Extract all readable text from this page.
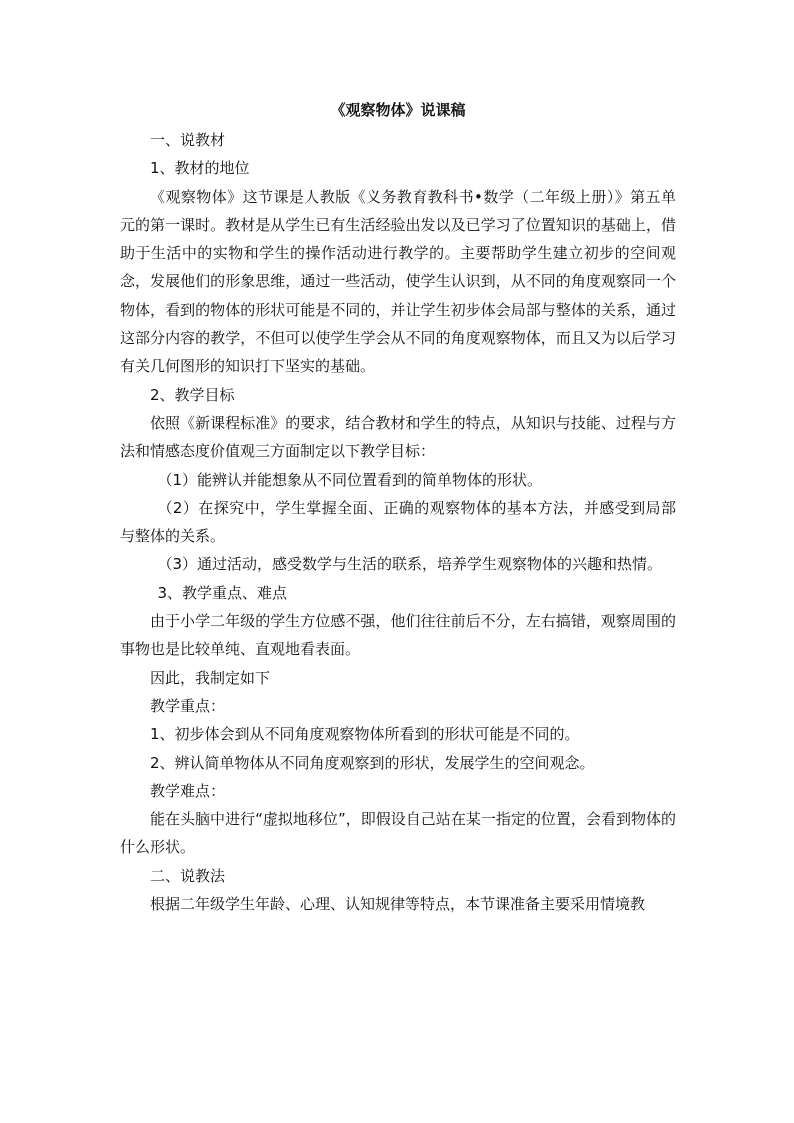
《观察物体》说课稿

一、说教材

1、教材的地位

《观察物体》这节课是人教版《义务教育教科书•数学（二年级上册）》第五单元的第一课时。教材是从学生已有生活经验出发以及已学习了位置知识的基础上，借助于生活中的实物和学生的操作活动进行教学的。主要帮助学生建立初步的空间观念，发展他们的形象思维，通过一些活动，使学生认识到，从不同的角度观察同一个物体，看到的物体的形状可能是不同的，并让学生初步体会局部与整体的关系，通过这部分内容的教学，不但可以使学生学会从不同的角度观察物体，而且又为以后学习有关几何图形的知识打下坚实的基础。

2、教学目标

依照《新课程标准》的要求，结合教材和学生的特点，从知识与技能、过程与方法和情感态度价值观三方面制定以下教学目标：

（1）能辨认并能想象从不同位置看到的简单物体的形状。

（2）在探究中，学生掌握全面、正确的观察物体的基本方法，并感受到局部与整体的关系。

（3）通过活动，感受数学与生活的联系，培养学生观察物体的兴趣和热情。

3、教学重点、难点

由于小学二年级的学生方位感不强，他们往往前后不分，左右搞错，观察周围的事物也是比较单纯、直观地看表面。

因此，我制定如下

教学重点：

1、初步体会到从不同角度观察物体所看到的形状可能是不同的。

2、辨认简单物体从不同角度观察到的形状，发展学生的空间观念。

教学难点：

能在头脑中进行“虚拟地移位”，即假设自己站在某一指定的位置，会看到物体的什么形状。

二、说教法

根据二年级学生年龄、心理、认知规律等特点，本节课准备主要采用情境教
